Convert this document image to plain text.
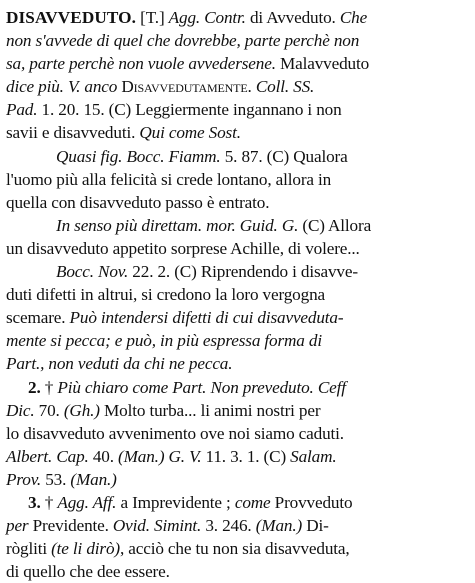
DISAVVEDUTO. [T.] Agg. Contr. di Avveduto. Che
non s'avvede di quel che dovrebbe, parte perchè non
sa, parte perchè non vuole avvedersene. Malavveduto
dice più. V. anco Disavvedutamente. Coll. SS.
Pad. 1. 20. 15. (C) Leggiermente ingannano i non
savii e disavveduti. Qui come Sost.
Quasi fig. Bocc. Fiamm. 5. 87. (C) Qualora
l'uomo più alla felicità si crede lontano, allora in
quella con disavveduto passo è entrato.
In senso più direttam. mor. Guid. G. (C) Allora
un disavveduto appetito sorprese Achille, di volere...
Bocc. Nov. 22. 2. (C) Riprendendo i disavve-
duti difetti in altrui, si credono la loro vergogna
scemare. Può intendersi difetti di cui disavveduta-
mente si pecca; e può, in più espressa forma di
Part., non veduti da chi ne pecca.
2. † Più chiaro come Part. Non preveduto. Ceff
Dic. 70. (Gh.) Molto turba... li animi nostri per
lo disavveduto avvenimento ove noi siamo caduti.
Albert. Cap. 40. (Man.) G. V. 11. 3. 1. (C) Salam.
Prov. 53. (Man.)
3. † Agg. Aff. a Imprevidente ; come Provveduto
per Previdente. Ovid. Simint. 3. 246. (Man.) Di-
rògliti (te li dirò), acciò che tu non sia disavveduta,
di quello che dee essere.
